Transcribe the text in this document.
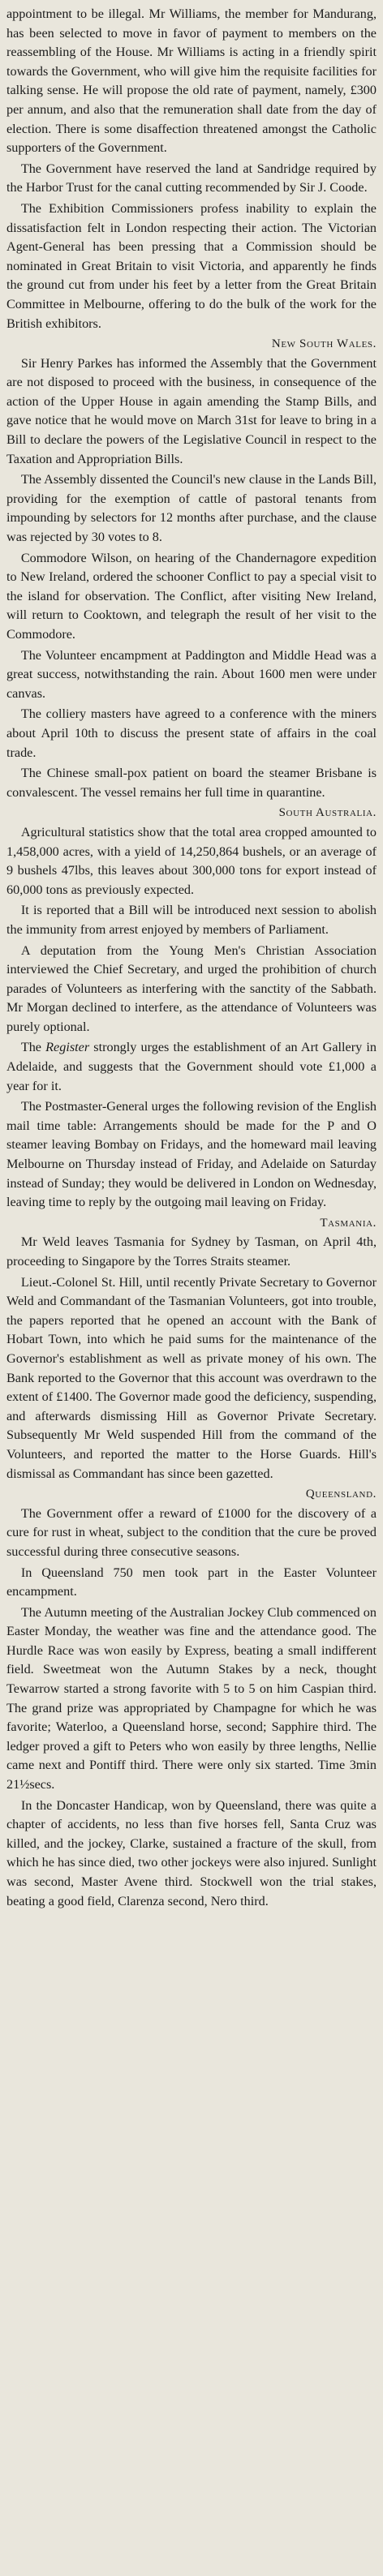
appointment to be illegal. Mr Williams, the member for Mandurang, has been selected to move in favor of payment to members on the reassembling of the House. Mr Williams is acting in a friendly spirit towards the Government, who will give him the requisite facilities for talking sense. He will propose the old rate of payment, namely, £300 per annum, and also that the remuneration shall date from the day of election. There is some disaffection threatened amongst the Catholic supporters of the Government.

The Government have reserved the land at Sandridge required by the Harbor Trust for the canal cutting recommended by Sir J. Coode.

The Exhibition Commissioners profess inability to explain the dissatisfaction felt in London respecting their action. The Victorian Agent-General has been pressing that a Commission should be nominated in Great Britain to visit Victoria, and apparently he finds the ground cut from under his feet by a letter from the Great Britain Committee in Melbourne, offering to do the bulk of the work for the British exhibitors.

New South Wales.

Sir Henry Parkes has informed the Assembly that the Government are not disposed to proceed with the business, in consequence of the action of the Upper House in again amending the Stamp Bills, and gave notice that he would move on March 31st for leave to bring in a Bill to declare the powers of the Legislative Council in respect to the Taxation and Appropriation Bills.

The Assembly dissented the Council's new clause in the Lands Bill, providing for the exemption of cattle of pastoral tenants from impounding by selectors for 12 months after purchase, and the clause was rejected by 30 votes to 8.

Commodore Wilson, on hearing of the Chandernagore expedition to New Ireland, ordered the schooner Conflict to pay a special visit to the island for observation. The Conflict, after visiting New Ireland, will return to Cooktown, and telegraph the result of her visit to the Commodore.

The Volunteer encampment at Paddington and Middle Head was a great success, notwithstanding the rain. About 1600 men were under canvas.

The colliery masters have agreed to a conference with the miners about April 10th to discuss the present state of affairs in the coal trade.

The Chinese small-pox patient on board the steamer Brisbane is convalescent. The vessel remains her full time in quarantine.

South Australia.

Agricultural statistics show that the total area cropped amounted to 1,458,000 acres, with a yield of 14,250,864 bushels, or an average of 9 bushels 47lbs, this leaves about 300,000 tons for export instead of 60,000 tons as previously expected.

It is reported that a Bill will be introduced next session to abolish the immunity from arrest enjoyed by members of Parliament.

A deputation from the Young Men's Christian Association interviewed the Chief Secretary, and urged the prohibition of church parades of Volunteers as interfering with the sanctity of the Sabbath. Mr Morgan declined to interfere, as the attendance of Volunteers was purely optional.

The Register strongly urges the establishment of an Art Gallery in Adelaide, and suggests that the Government should vote £1,000 a year for it.

The Postmaster-General urges the following revision of the English mail time table: Arrangements should be made for the P and O steamer leaving Bombay on Fridays, and the homeward mail leaving Melbourne on Thursday instead of Friday, and Adelaide on Saturday instead of Sunday; they would be delivered in London on Wednesday, leaving time to reply by the outgoing mail leaving on Friday.

Tasmania.

Mr Weld leaves Tasmania for Sydney by Tasman, on April 4th, proceeding to Singapore by the Torres Straits steamer.

Lieut.-Colonel St. Hill, until recently Private Secretary to Governor Weld and Commandant of the Tasmanian Volunteers, got into trouble, the papers reported that he opened an account with the Bank of Hobart Town, into which he paid sums for the maintenance of the Governor's establishment as well as private money of his own. The Bank reported to the Governor that this account was overdrawn to the extent of £1400. The Governor made good the deficiency, suspending, and afterwards dismissing Hill as Governor Private Secretary. Subsequently Mr Weld suspended Hill from the command of the Volunteers, and reported the matter to the Horse Guards. Hill's dismissal as Commandant has since been gazetted.

Queensland.

The Government offer a reward of £1000 for the discovery of a cure for rust in wheat, subject to the condition that the cure be proved successful during three consecutive seasons.

In Queensland 750 men took part in the Easter Volunteer encampment.

The Autumn meeting of the Australian Jockey Club commenced on Easter Monday, the weather was fine and the attendance good. The Hurdle Race was won easily by Express, beating a small indifferent field. Sweetmeat won the Autumn Stakes by a neck, thought Tewarrow started a strong favorite with 5 to 5 on him Caspian third. The grand prize was appropriated by Champagne for which he was favorite; Waterloo, a Queensland horse, second; Sapphire third. The ledger proved a gift to Peters who won easily by three lengths, Nellie came next and Pontiff third. There were only six started. Time 3min 21½secs.

In the Doncaster Handicap, won by Queensland, there was quite a chapter of accidents, no less than five horses fell, Santa Cruz was killed, and the jockey, Clarke, sustained a fracture of the skull, from which he has since died, two other jockeys were also injured. Sunlight was second, Master Avene third. Stockwell won the trial stakes, beating a good field, Clarenza second, Nero third.
